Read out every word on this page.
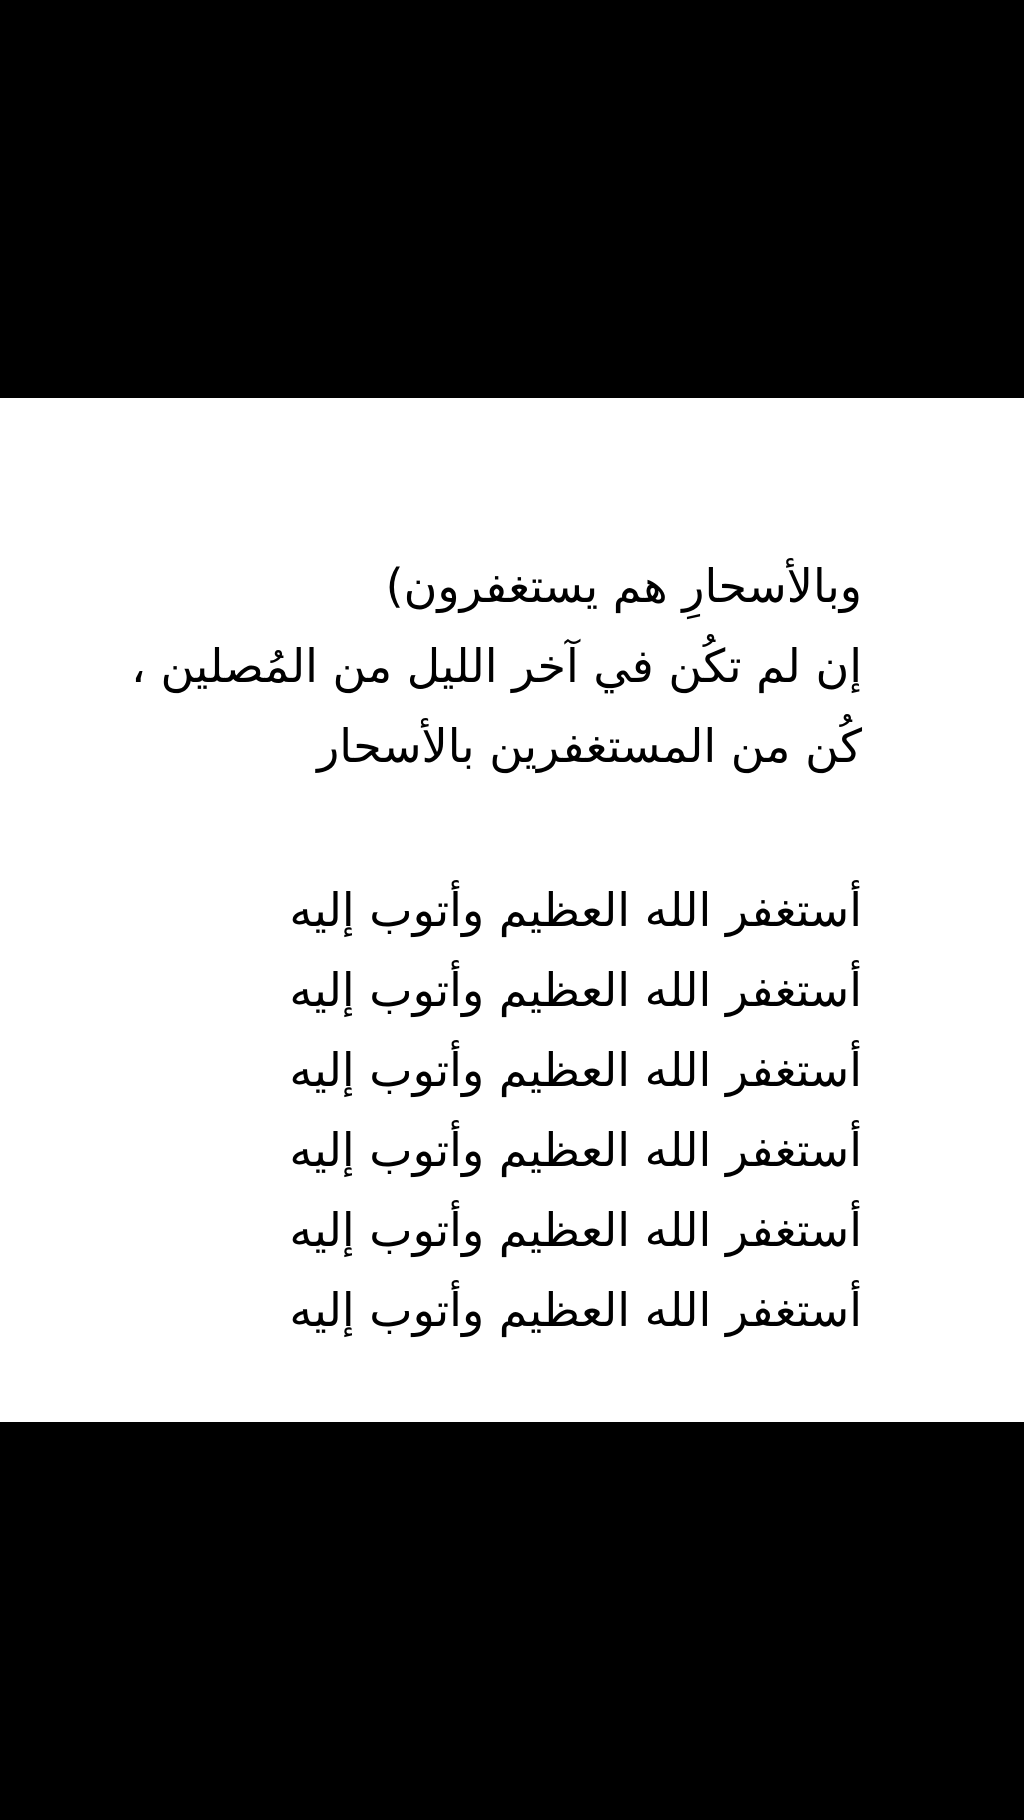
وبالأسحارِ هم يستغفرون)
إن لم تكُن في آخر الليل من المُصلين ،
كُن من المستغفرين بالأسحار
أستغفر الله العظيم وأتوب إليه
أستغفر الله العظيم وأتوب إليه
أستغفر الله العظيم وأتوب إليه
أستغفر الله العظيم وأتوب إليه
أستغفر الله العظيم وأتوب إليه
أستغفر الله العظيم وأتوب إليه
